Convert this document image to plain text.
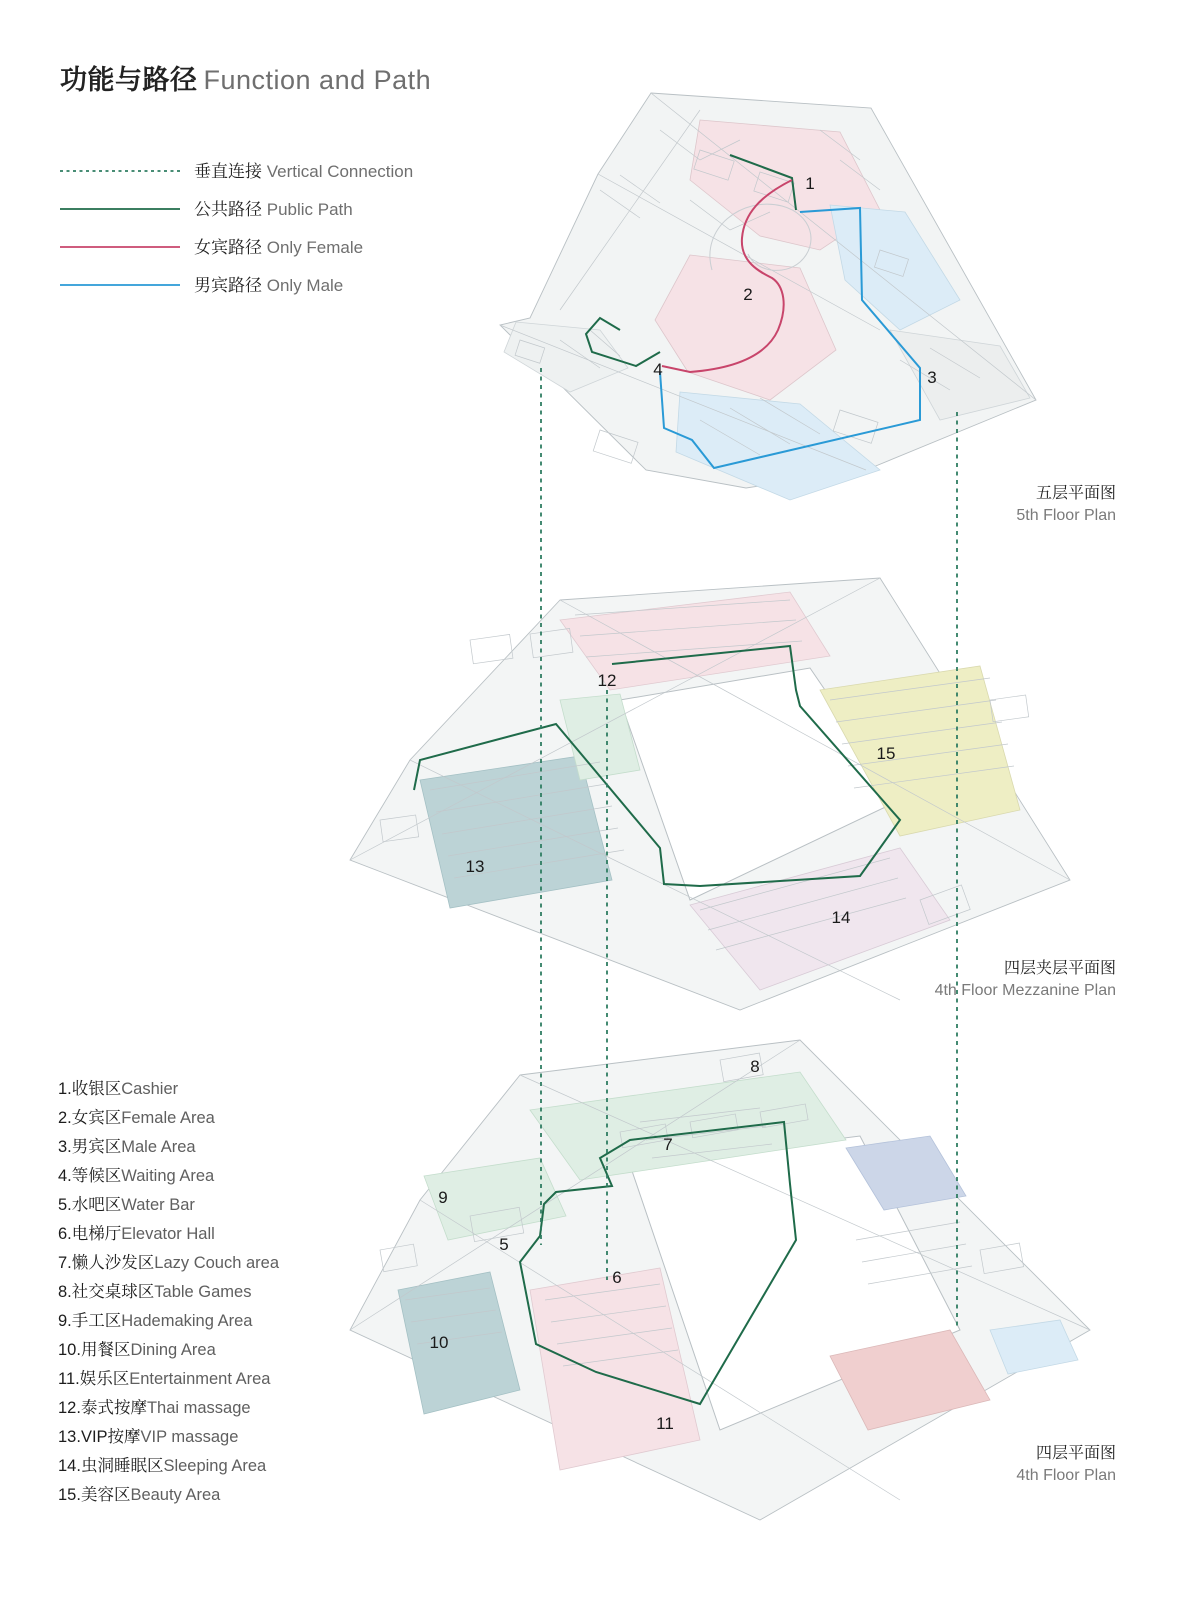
功能与路径 Function and Path
垂直连接 Vertical Connection
公共路径 Public Path
女宾路径 Only Female
男宾路径 Only Male
1
2
3
4
12
15
13
14
8
7
9
5
6
10
11
五层平面图
5th Floor Plan
四层夹层平面图
4th Floor Mezzanine Plan
四层平面图
4th Floor Plan
1.收银区Cashier
2.女宾区Female Area
3.男宾区Male Area
4.等候区Waiting Area
5.水吧区Water Bar
6.电梯厅Elevator Hall
7.懒人沙发区Lazy Couch area
8.社交桌球区Table Games
9.手工区Hademaking Area
10.用餐区Dining Area
11.娱乐区Entertainment Area
12.泰式按摩Thai massage
13.VIP按摩VIP massage
14.虫洞睡眠区Sleeping Area
15.美容区Beauty Area
